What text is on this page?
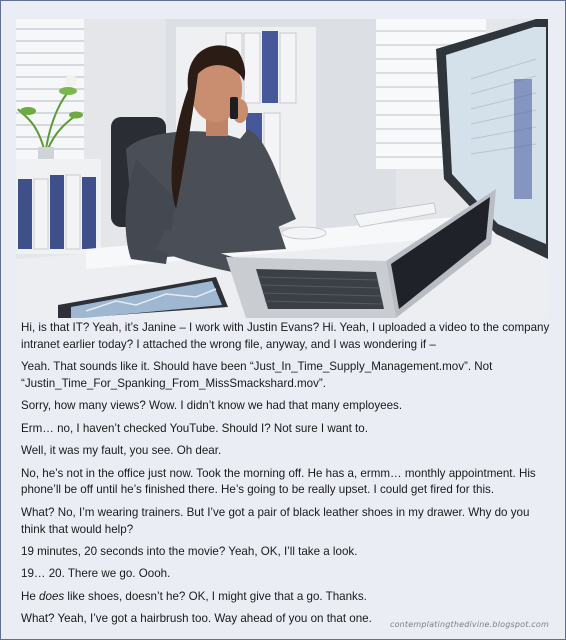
Hi, is that IT? Yeah, it’s Janine – I work with Justin Evans? Hi. Yeah, I uploaded a video to the company intranet earlier today? I attached the wrong file, anyway, and I was wondering if –

Yeah. That sounds like it. Should have been “Just_In_Time_Supply_Management.mov”. Not “Justin_Time_For_Spanking_From_MissSmackshard.mov”.

Sorry, how many views? Wow. I didn’t know we had that many employees.

Erm… no, I haven’t checked YouTube. Should I? Not sure I want to.

Well, it was my fault, you see. Oh dear.

No, he’s not in the office just now. Took the morning off. He has a, ermm… monthly appointment. His phone’ll be off until he’s finished there. He’s going to be really upset. I could get fired for this.

What? No, I’m wearing trainers. But I’ve got a pair of black leather shoes in my drawer. Why do you think that would help?

19 minutes, 20 seconds into the movie? Yeah, OK, I’ll take a look.

19… 20. There we go. Oooh.

He does like shoes, doesn’t he? OK, I might give that a go. Thanks.

What? Yeah, I’ve got a hairbrush too. Way ahead of you on that one.	contemplatingthedivine.blogspot.com
